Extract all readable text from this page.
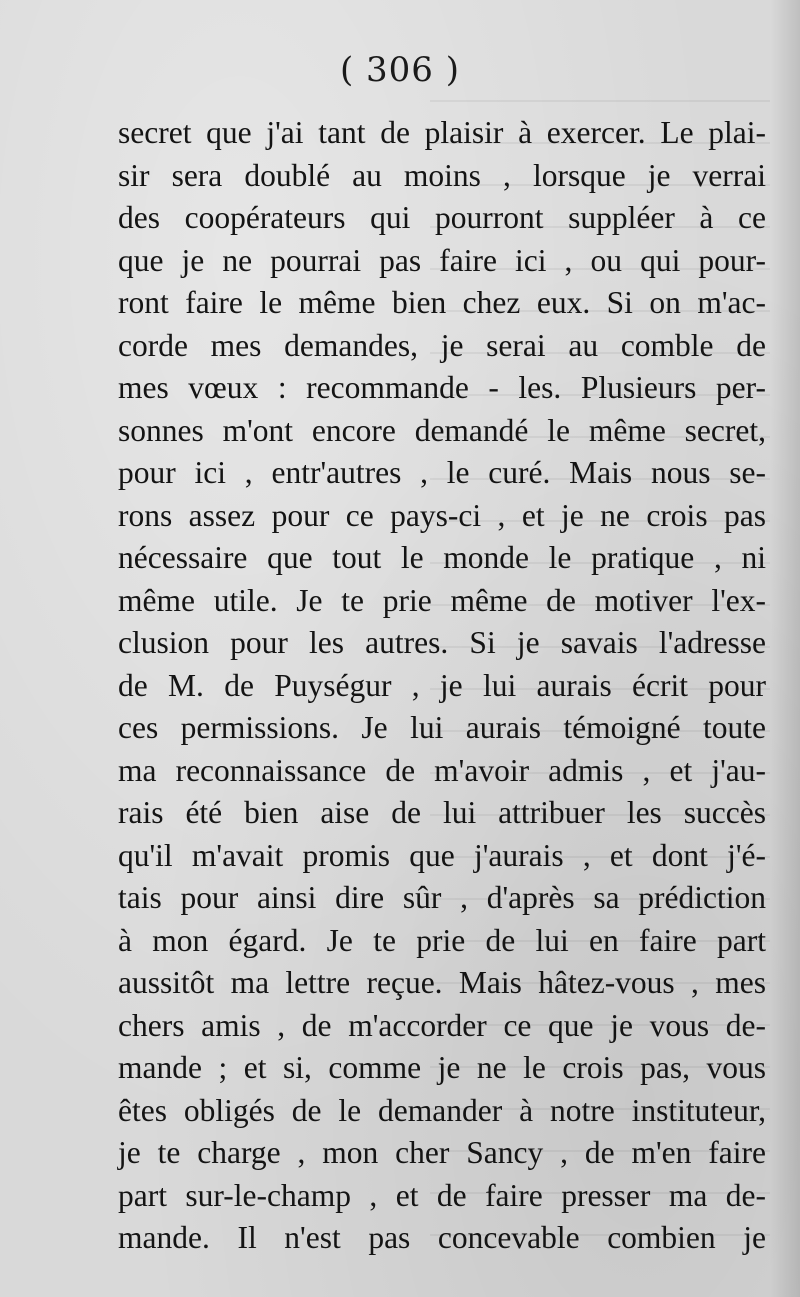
( 306 )
secret que j'ai tant de plaisir à exercer. Le plai-
sir sera doublé au moins , lorsque je verrai
des coopérateurs qui pourront suppléer à ce
que je ne pourrai pas faire ici , ou qui pour-
ront faire le même bien chez eux. Si on m'ac-
corde mes demandes, je serai au comble de
mes vœux : recommande - les. Plusieurs per-
sonnes m'ont encore demandé le même secret,
pour ici , entr'autres , le curé. Mais nous se-
rons assez pour ce pays-ci , et je ne crois pas
nécessaire que tout le monde le pratique , ni
même utile. Je te prie même de motiver l'ex-
clusion pour les autres. Si je savais l'adresse
de M. de Puységur , je lui aurais écrit pour
ces permissions. Je lui aurais témoigné toute
ma reconnaissance de m'avoir admis , et j'au-
rais été bien aise de lui attribuer les succès
qu'il m'avait promis que j'aurais , et dont j'é-
tais pour ainsi dire sûr , d'après sa prédiction
à mon égard. Je te prie de lui en faire part
aussitôt ma lettre reçue. Mais hâtez-vous , mes
chers amis , de m'accorder ce que je vous de-
mande ; et si, comme je ne le crois pas, vous
êtes obligés de le demander à notre instituteur,
je te charge , mon cher Sancy , de m'en faire
part sur-le-champ , et de faire presser ma de-
mande. Il n'est pas concevable combien je
